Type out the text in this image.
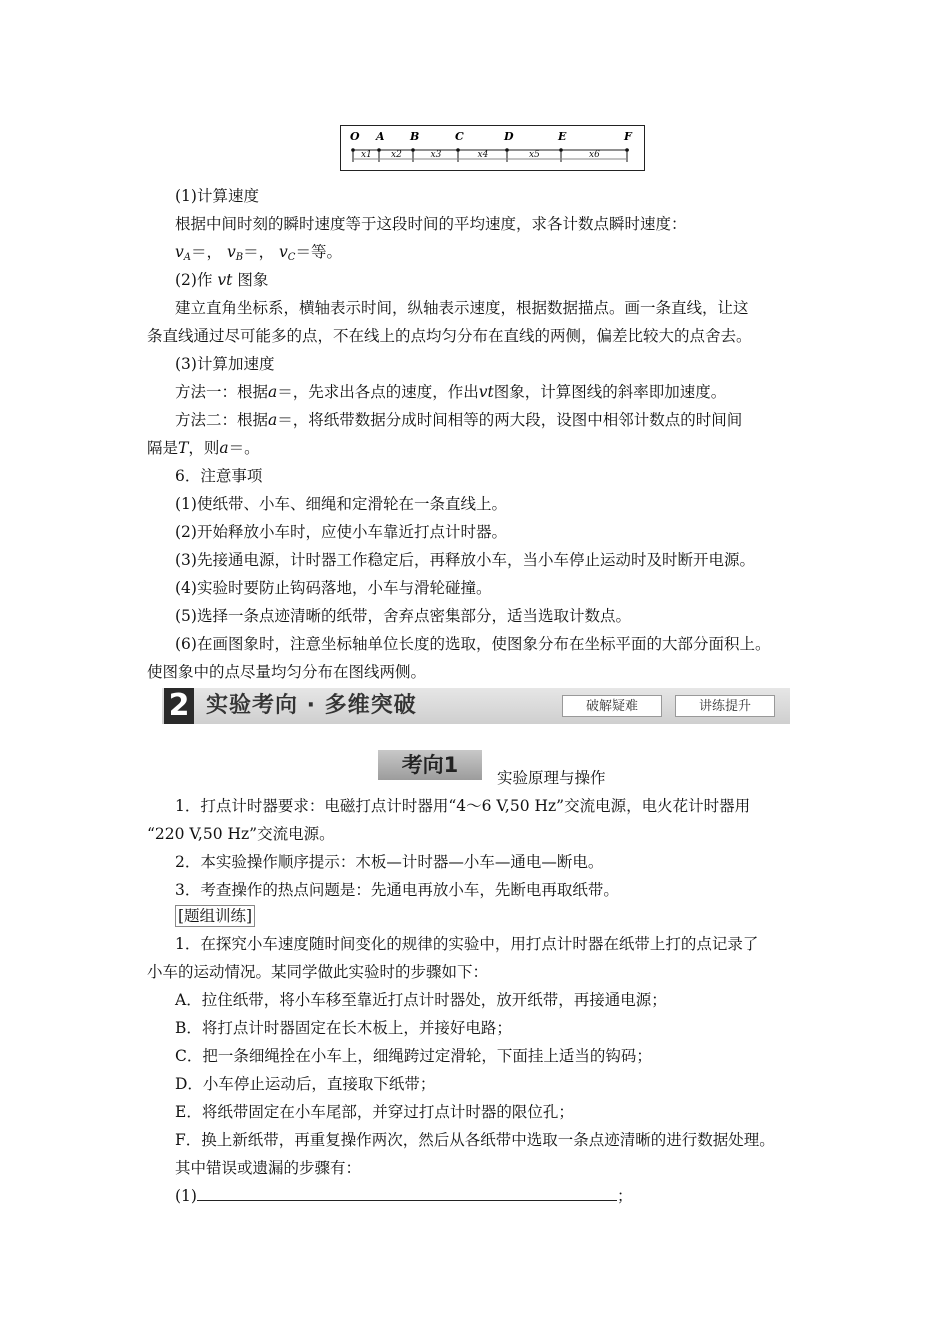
O A B	C	D	E	F
x1 x2	x3	x4	x5	x6
(1)计算速度
根据中间时刻的瞬时速度等于这段时间的平均速度，求各计数点瞬时速度：
$v_A=$， $v_B=$， $v_C=$等。
(2)作 vt 图象
建立直角坐标系，横轴表示时间，纵轴表示速度，根据数据描点。画一条直线，让这
条直线通过尽可能多的点，不在线上的点均匀分布在直线的两侧，偏差比较大的点舍去。
(3)计算加速度
方法一：根据a＝，先求出各点的速度，作出vt图象，计算图线的斜率即加速度。
方法二：根据a＝，将纸带数据分成时间相等的两大段，设图中相邻计数点的时间间
隔是T，则a＝。
6．注意事项
(1)使纸带、小车、细绳和定滑轮在一条直线上。
(2)开始释放小车时，应使小车靠近打点计时器。
(3)先接通电源，计时器工作稳定后，再释放小车，当小车停止运动时及时断开电源。
(4)实验时要防止钩码落地，小车与滑轮碰撞。
(5)选择一条点迹清晰的纸带，舍弃点密集部分，适当选取计数点。
(6)在画图象时，注意坐标轴单位长度的选取，使图象分布在坐标平面的大部分面积上。
使图象中的点尽量均匀分布在图线两侧。
2 实验考向 · 多维突破	破解疑难	讲练提升
考向1
实验原理与操作
1．打点计时器要求：电磁打点计时器用“4～6 V,50 Hz”交流电源，电火花计时器用
“220 V,50 Hz”交流电源。
2．本实验操作顺序提示：木板—计时器—小车—通电—断电。
3．考查操作的热点问题是：先通电再放小车，先断电再取纸带。
[题组训练]
1．在探究小车速度随时间变化的规律的实验中，用打点计时器在纸带上打的点记录了
小车的运动情况。某同学做此实验时的步骤如下：
A．拉住纸带，将小车移至靠近打点计时器处，放开纸带，再接通电源；
B．将打点计时器固定在长木板上，并接好电路；
C．把一条细绳拴在小车上，细绳跨过定滑轮，下面挂上适当的钩码；
D．小车停止运动后，直接取下纸带；
E．将纸带固定在小车尾部，并穿过打点计时器的限位孔；
F．换上新纸带，再重复操作两次，然后从各纸带中选取一条点迹清晰的进行数据处理。
其中错误或遗漏的步骤有：
(1)	；
